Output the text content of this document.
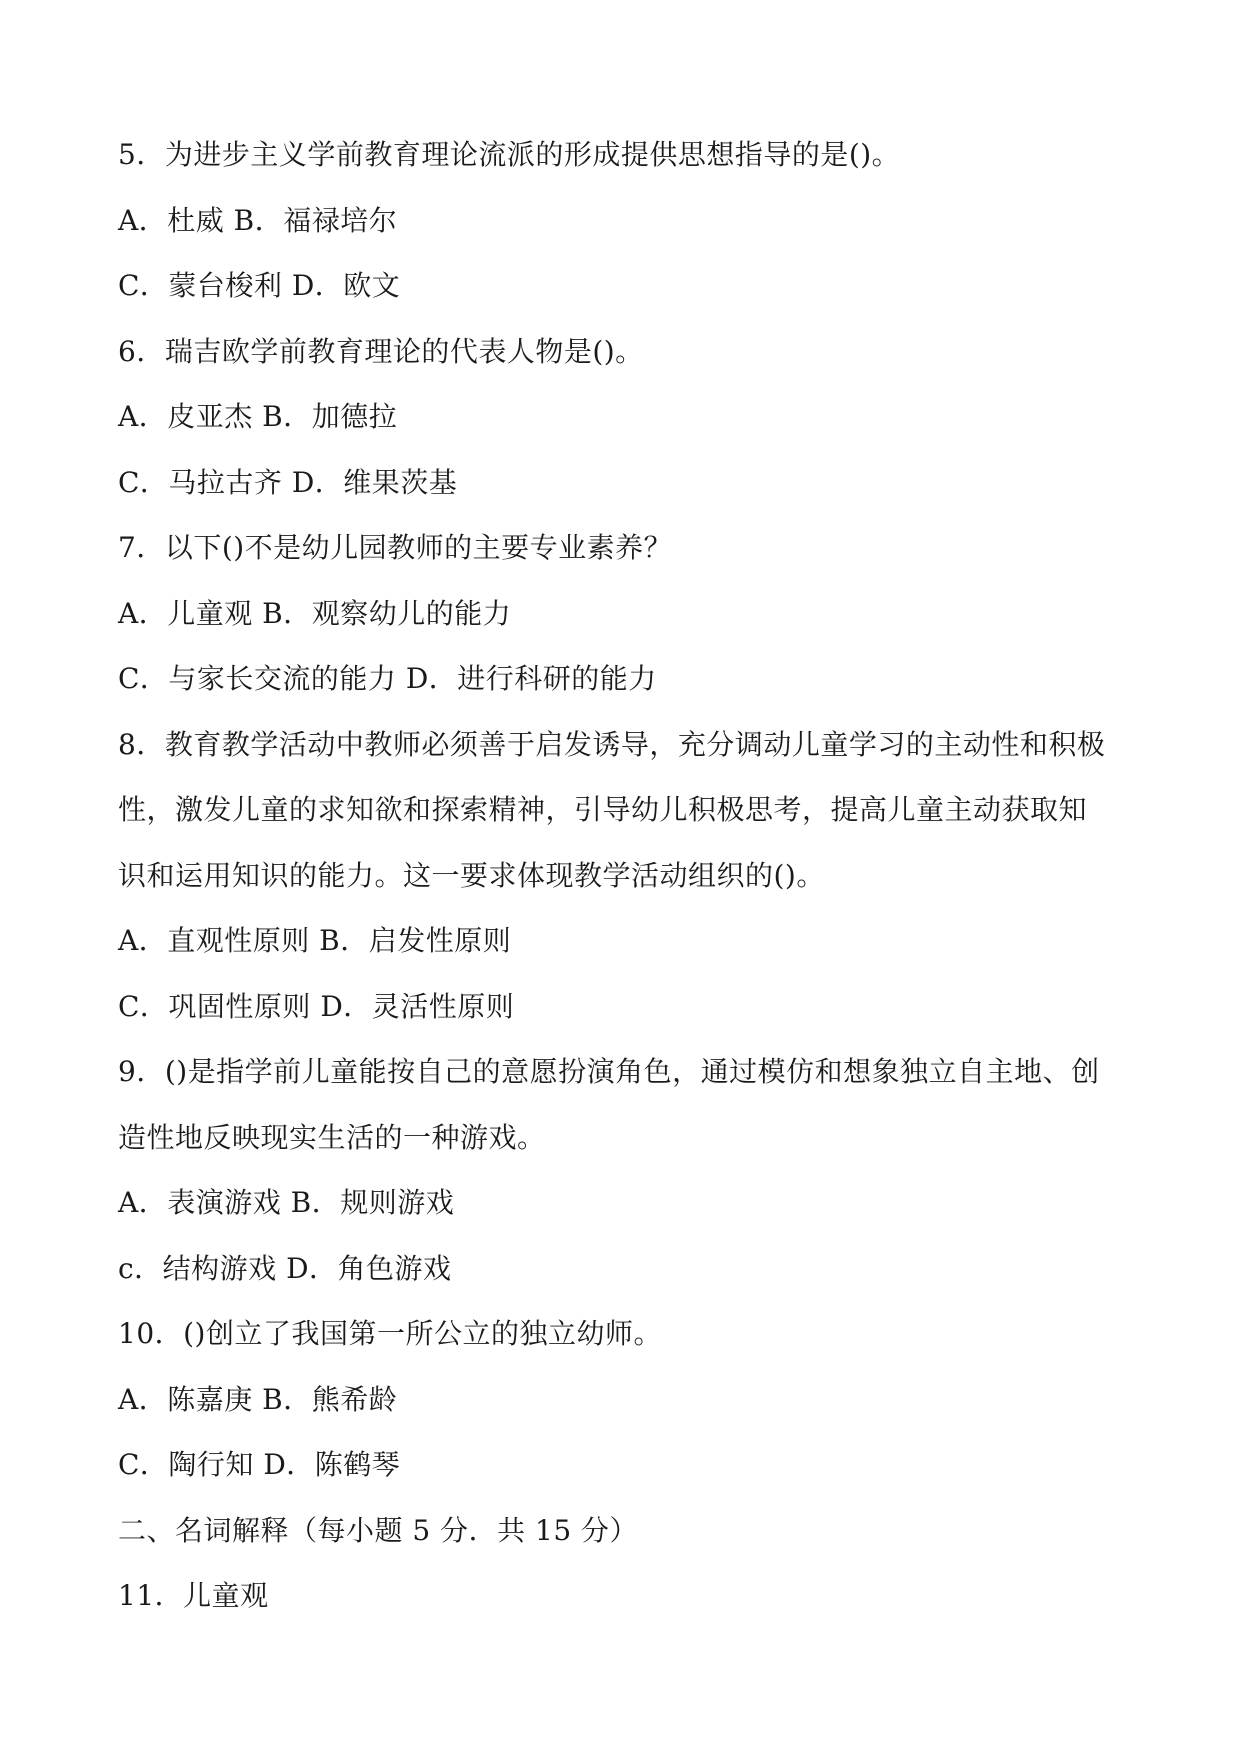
5．为进步主义学前教育理论流派的形成提供思想指导的是()。
A．杜威 B．福禄培尔
C．蒙台梭利 D．欧文
6．瑞吉欧学前教育理论的代表人物是()。
A．皮亚杰 B．加德拉
C．马拉古齐 D．维果茨基
7．以下()不是幼儿园教师的主要专业素养？
A．儿童观 B．观察幼儿的能力
C．与家长交流的能力 D．进行科研的能力
8．教育教学活动中教师必须善于启发诱导，充分调动儿童学习的主动性和积极
性，激发儿童的求知欲和探索精神，引导幼儿积极思考，提高儿童主动获取知
识和运用知识的能力。这一要求体现教学活动组织的()。
A．直观性原则 B．启发性原则
C．巩固性原则 D．灵活性原则
9．()是指学前儿童能按自己的意愿扮演角色，通过模仿和想象独立自主地、创
造性地反映现实生活的一种游戏。
A．表演游戏 B．规则游戏
c．结构游戏 D．角色游戏
10．()创立了我国第一所公立的独立幼师。
A．陈嘉庚 B．熊希龄
C．陶行知 D．陈鹤琴
二、名词解释（每小题 5 分．共 15 分）
11．儿童观
